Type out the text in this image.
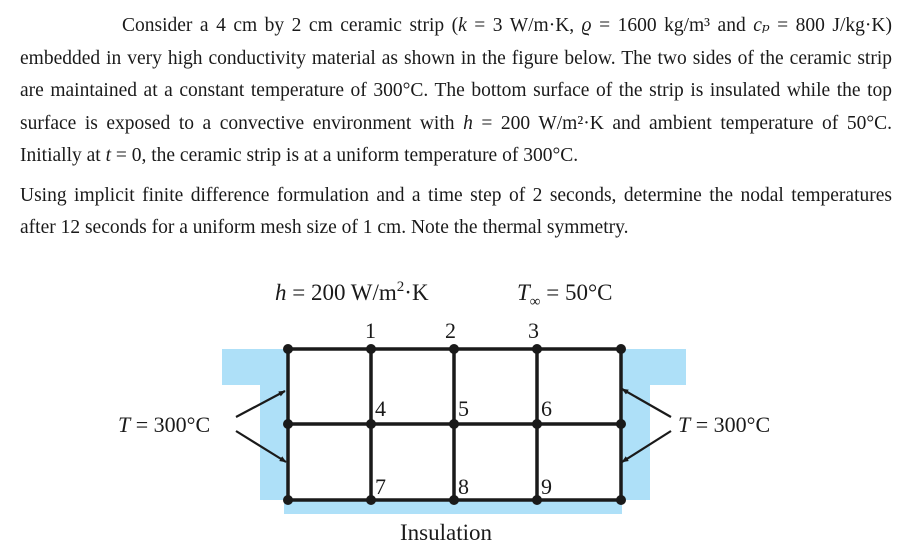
Consider a 4 cm by 2 cm ceramic strip (k = 3 W/m·K, ϱ = 1600 kg/m³ and cₚ = 800 J/kg·K) embedded in very high conductivity material as shown in the figure below. The two sides of the ceramic strip are maintained at a constant temperature of 300°C. The bottom surface of the strip is insulated while the top surface is exposed to a convective environment with h = 200 W/m²·K and ambient temperature of 50°C. Initially at t = 0, the ceramic strip is at a uniform temperature of 300°C.

Using implicit finite difference formulation and a time step of 2 seconds, determine the nodal temperatures after 12 seconds for a uniform mesh size of 1 cm. Note the thermal symmetry.

h = 200 $W/m^2\cdot K$	$T_\infty = 50^\circ C$
1	2	3
4	5	6
7	8	9
T = 300°C	T = 300°C
Insulation
